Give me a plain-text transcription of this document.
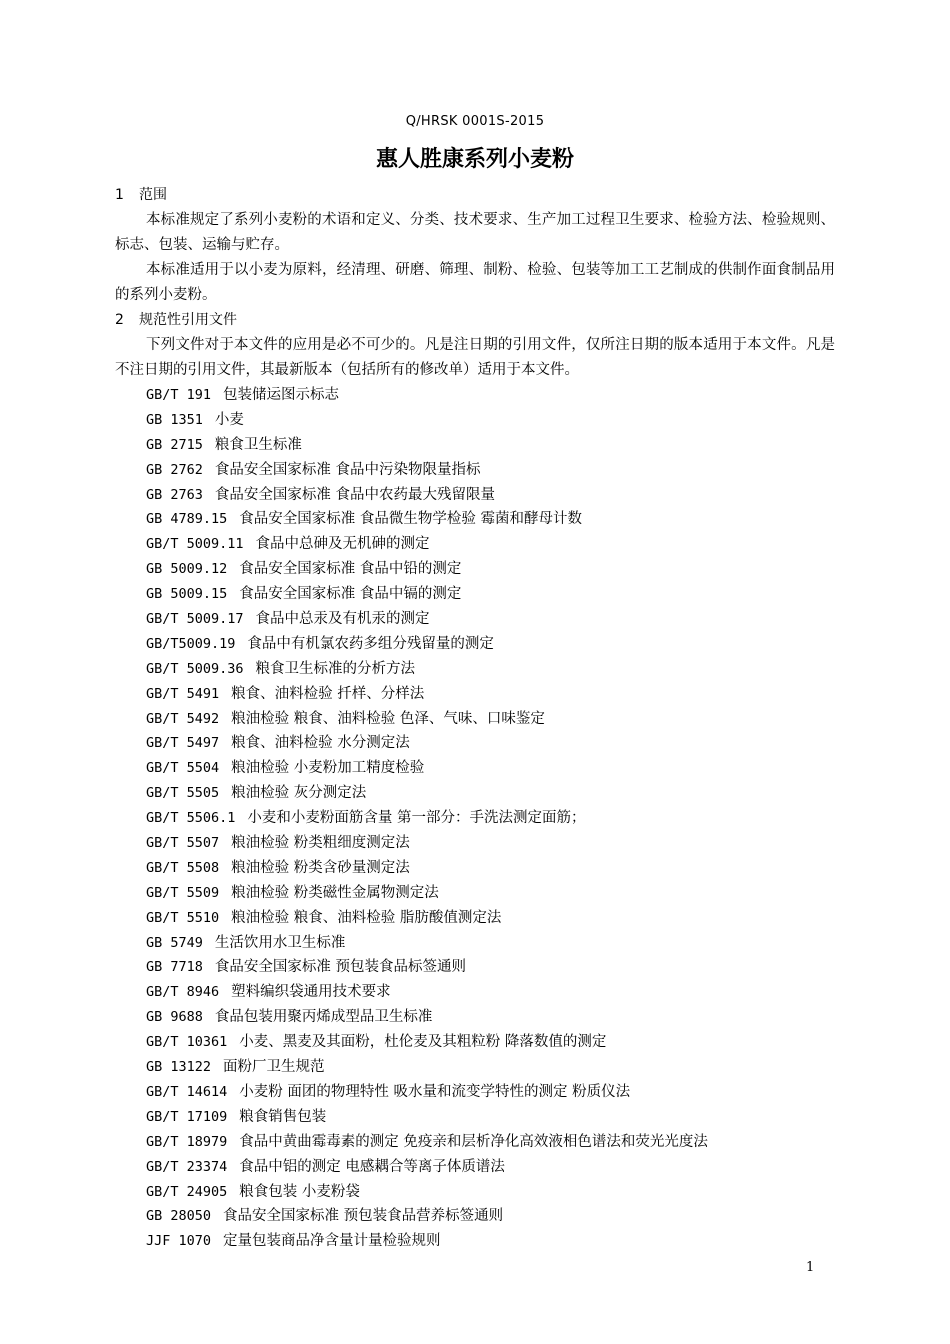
Q/HRSK 0001S-2015
惠人胜康系列小麦粉
1 范围
本标准规定了系列小麦粉的术语和定义、分类、技术要求、生产加工过程卫生要求、检验方法、检验规则、标志、包装、运输与贮存。
本标准适用于以小麦为原料，经清理、研磨、筛理、制粉、检验、包装等加工工艺制成的供制作面食制品用的系列小麦粉。
2 规范性引用文件
下列文件对于本文件的应用是必不可少的。凡是注日期的引用文件，仅所注日期的版本适用于本文件。凡是不注日期的引用文件，其最新版本（包括所有的修改单）适用于本文件。
GB/T 191 包装储运图示标志
GB 1351 小麦
GB 2715 粮食卫生标准
GB 2762 食品安全国家标准 食品中污染物限量指标
GB 2763 食品安全国家标准 食品中农药最大残留限量
GB 4789.15 食品安全国家标准 食品微生物学检验 霉菌和酵母计数
GB/T 5009.11 食品中总砷及无机砷的测定
GB 5009.12 食品安全国家标准 食品中铅的测定
GB 5009.15 食品安全国家标准 食品中镉的测定
GB/T 5009.17 食品中总汞及有机汞的测定
GB/T5009.19 食品中有机氯农药多组分残留量的测定
GB/T 5009.36 粮食卫生标准的分析方法
GB/T 5491 粮食、油料检验 扦样、分样法
GB/T 5492 粮油检验 粮食、油料检验 色泽、气味、口味鉴定
GB/T 5497 粮食、油料检验 水分测定法
GB/T 5504 粮油检验 小麦粉加工精度检验
GB/T 5505 粮油检验 灰分测定法
GB/T 5506.1 小麦和小麦粉面筋含量 第一部分：手洗法测定面筋；
GB/T 5507 粮油检验 粉类粗细度测定法
GB/T 5508 粮油检验 粉类含砂量测定法
GB/T 5509 粮油检验 粉类磁性金属物测定法
GB/T 5510 粮油检验 粮食、油料检验 脂肪酸值测定法
GB 5749 生活饮用水卫生标准
GB 7718 食品安全国家标准 预包装食品标签通则
GB/T 8946 塑料编织袋通用技术要求
GB 9688 食品包装用聚丙烯成型品卫生标准
GB/T 10361 小麦、黑麦及其面粉，杜伦麦及其粗粒粉 降落数值的测定
GB 13122 面粉厂卫生规范
GB/T 14614 小麦粉 面团的物理特性 吸水量和流变学特性的测定 粉质仪法
GB/T 17109 粮食销售包装
GB/T 18979 食品中黄曲霉毒素的测定 免疫亲和层析净化高效液相色谱法和荧光光度法
GB/T 23374 食品中铝的测定 电感耦合等离子体质谱法
GB/T 24905 粮食包装 小麦粉袋
GB 28050 食品安全国家标准 预包装食品营养标签通则
JJF 1070 定量包装商品净含量计量检验规则
1
